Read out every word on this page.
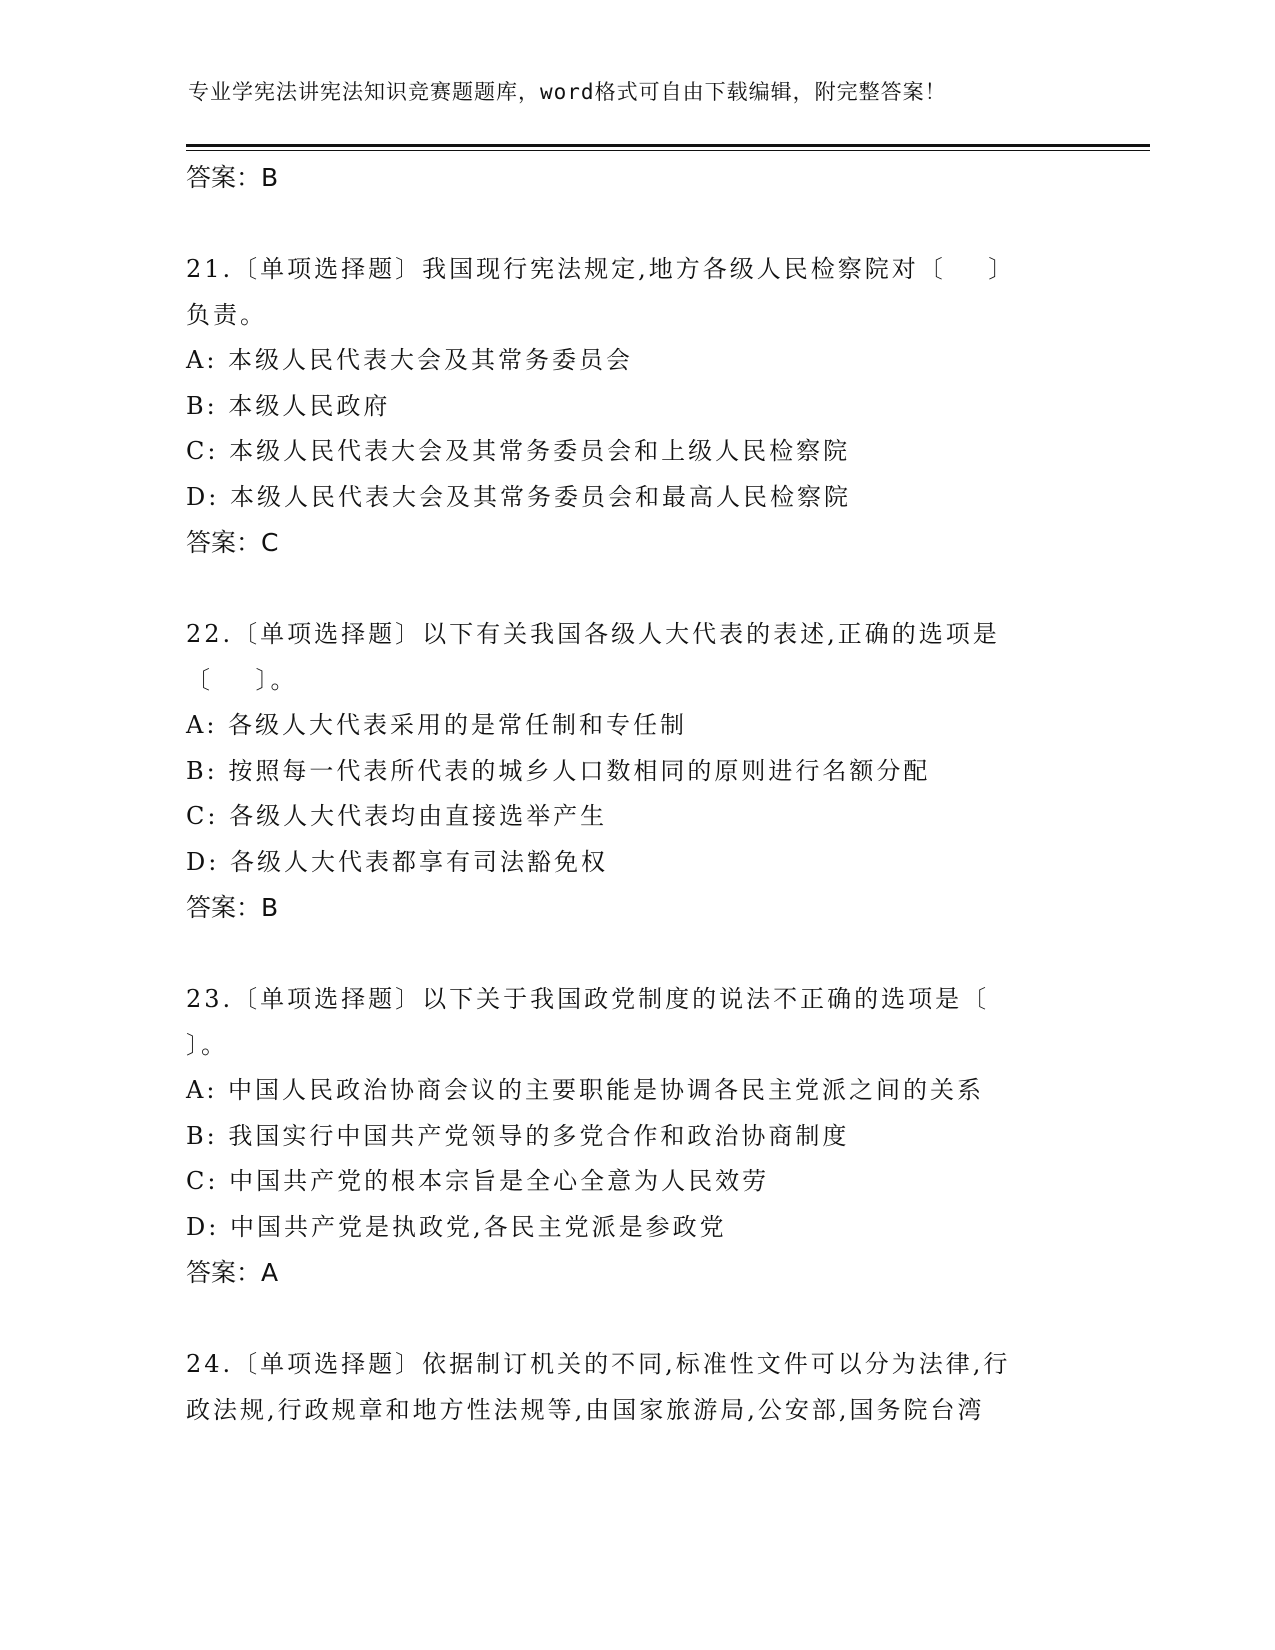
专业学宪法讲宪法知识竞赛题题库，word格式可自由下载编辑，附完整答案！
答案：B
21.〔单项选择题〕我国现行宪法规定,地方各级人民检察院对〔    〕
负责。
A: 本级人民代表大会及其常务委员会
B: 本级人民政府
C: 本级人民代表大会及其常务委员会和上级人民检察院
D: 本级人民代表大会及其常务委员会和最高人民检察院
答案：C
22.〔单项选择题〕以下有关我国各级人大代表的表述,正确的选项是
〔    〕。
A: 各级人大代表采用的是常任制和专任制
B: 按照每一代表所代表的城乡人口数相同的原则进行名额分配
C: 各级人大代表均由直接选举产生
D: 各级人大代表都享有司法豁免权
答案：B
23.〔单项选择题〕以下关于我国政党制度的说法不正确的选项是〔
〕。
A: 中国人民政治协商会议的主要职能是协调各民主党派之间的关系
B: 我国实行中国共产党领导的多党合作和政治协商制度
C: 中国共产党的根本宗旨是全心全意为人民效劳
D: 中国共产党是执政党,各民主党派是参政党
答案：A
24.〔单项选择题〕依据制订机关的不同,标准性文件可以分为法律,行
政法规,行政规章和地方性法规等,由国家旅游局,公安部,国务院台湾
